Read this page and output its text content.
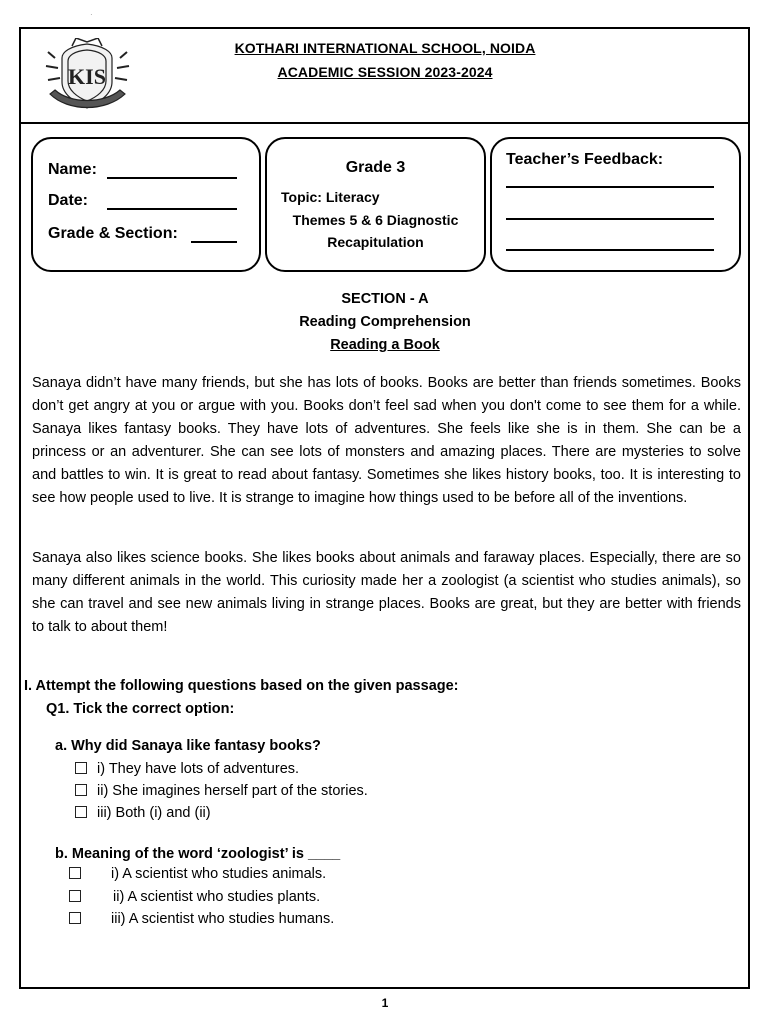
·
KIS
KOTHARI INTERNATIONAL SCHOOL, NOIDA
ACADEMIC SESSION 2023-2024
Name:
Date:
Grade & Section:
Grade 3
Topic: Literacy
Themes 5 & 6 Diagnostic
Recapitulation
Teacher’s Feedback:
SECTION - A
Reading Comprehension
Reading a Book

Sanaya didn’t have many friends, but she has lots of books. Books are better than friends sometimes. Books don’t get angry at you or argue with you. Books don’t feel sad when you don't come to see them for a while. Sanaya likes fantasy books. They have lots of adventures. She feels like she is in them. She can be a princess or an adventurer. She can see lots of monsters and amazing places. There are mysteries to solve and battles to win. It is great to read about fantasy. Sometimes she likes history books, too. It is interesting to see how people used to live. It is strange to imagine how things used to be before all of the inventions.

Sanaya also likes science books. She likes books about animals and faraway places. Especially, there are so many different animals in the world. This curiosity made her a zoologist (a scientist who studies animals), so she can travel and see new animals living in strange places. Books are great, but they are better with friends to talk to about them!

I. Attempt the following questions based on the given passage:
Q1. Tick the correct option:
a. Why did Sanaya like fantasy books?
i) They have lots of adventures.
ii) She imagines herself part of the stories.
iii) Both (i) and (ii)
b. Meaning of the word ‘zoologist’ is ____
i) A scientist who studies animals.
ii) A scientist who studies plants.
iii) A scientist who studies humans.
1
